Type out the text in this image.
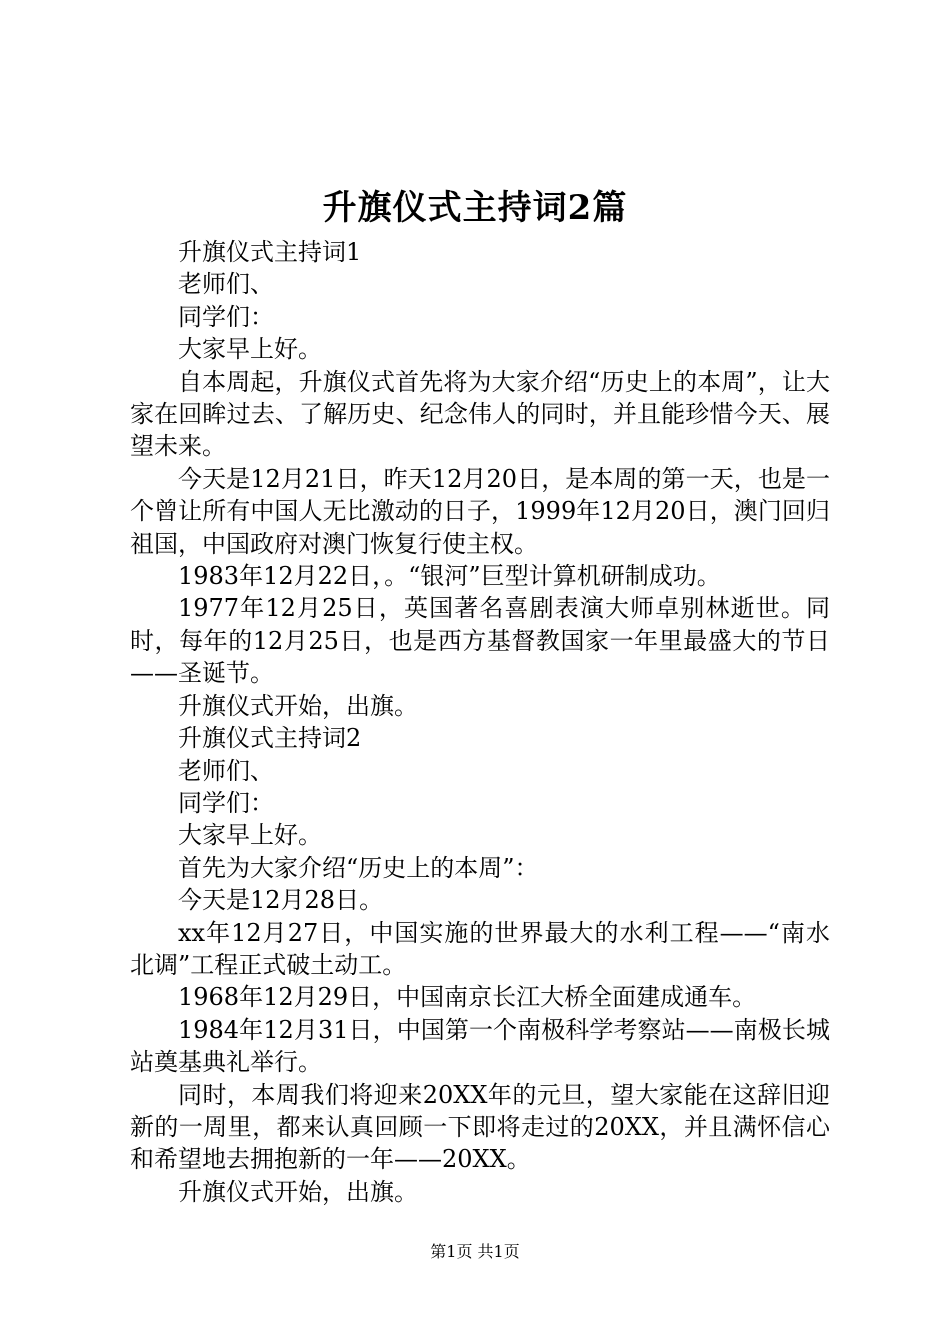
升旗仪式主持词2篇

升旗仪式主持词1

老师们、

同学们：

大家早上好。

自本周起，升旗仪式首先将为大家介绍“历史上的本周”，让大家在回眸过去、了解历史、纪念伟人的同时，并且能珍惜今天、展望未来。

今天是12月21日，昨天12月20日，是本周的第一天，也是一个曾让所有中国人无比激动的日子，1999年12月20日，澳门回归祖国，中国政府对澳门恢复行使主权。

1983年12月22日，。“银河”巨型计算机研制成功。

1977年12月25日，英国著名喜剧表演大师卓别林逝世。同时，每年的12月25日，也是西方基督教国家一年里最盛大的节日——圣诞节。

升旗仪式开始，出旗。

升旗仪式主持词2

老师们、

同学们：

大家早上好。

首先为大家介绍“历史上的本周”：

今天是12月28日。

xx年12月27日，中国实施的世界最大的水利工程——“南水北调”工程正式破土动工。

1968年12月29日，中国南京长江大桥全面建成通车。

1984年12月31日，中国第一个南极科学考察站——南极长城站奠基典礼举行。

同时，本周我们将迎来20XX年的元旦，望大家能在这辞旧迎新的一周里，都来认真回顾一下即将走过的20XX，并且满怀信心和希望地去拥抱新的一年——20XX。

升旗仪式开始，出旗。

第1页 共1页
